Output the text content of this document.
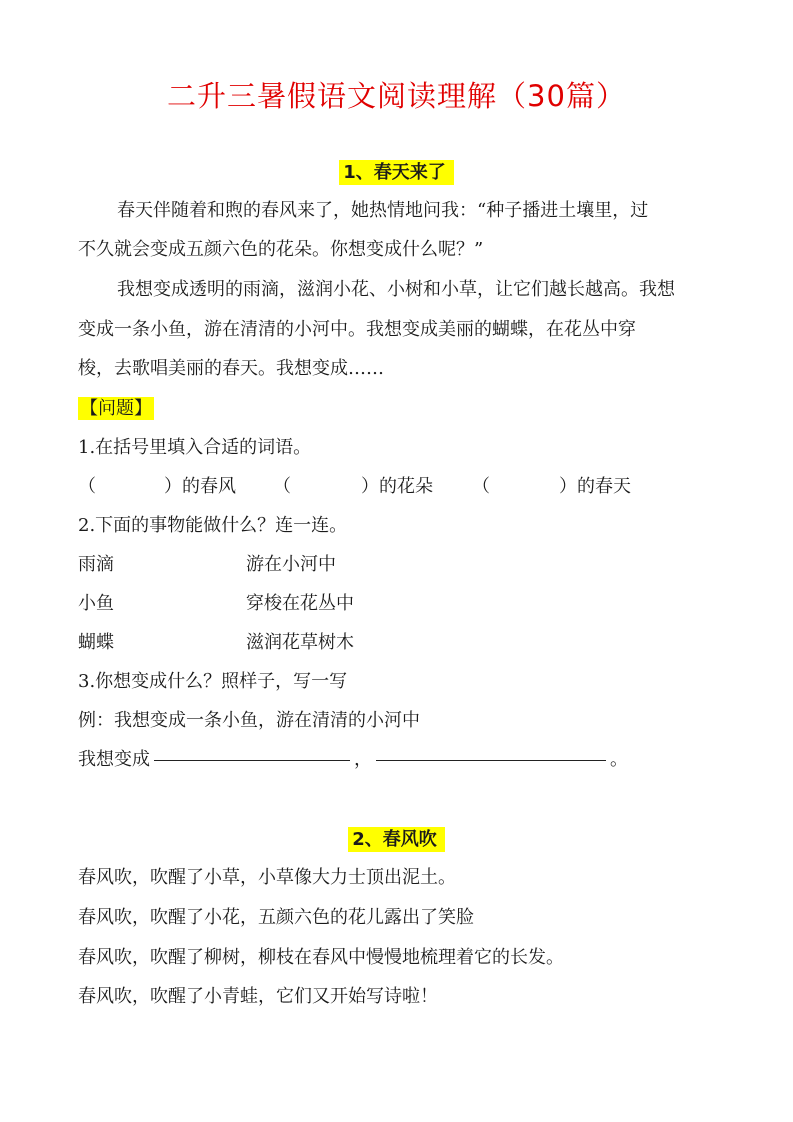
二升三暑假语文阅读理解（30篇）
1、春天来了

春天伴随着和煦的春风来了，她热情地问我：“种子播进土壤里，过

不久就会变成五颜六色的花朵。你想变成什么呢？”

我想变成透明的雨滴，滋润小花、小树和小草，让它们越长越高。我想

变成一条小鱼，游在清清的小河中。我想变成美丽的蝴蝶，在花丛中穿

梭，去歌唱美丽的春天。我想变成……

【问题】

1.在括号里填入合适的词语。

（	）的春风 （	）的花朵 （	）的春天

2.下面的事物能做什么？连一连。

雨滴	游在小河中
小鱼	穿梭在花丛中
蝴蝶	滋润花草树木

3.你想变成什么？照样子，写一写

例：我想变成一条小鱼，游在清清的小河中

我想变成	，	。
2、春风吹

春风吹，吹醒了小草，小草像大力士顶出泥土。

春风吹，吹醒了小花，五颜六色的花儿露出了笑脸

春风吹，吹醒了柳树，柳枝在春风中慢慢地梳理着它的长发。

春风吹，吹醒了小青蛙，它们又开始写诗啦！
